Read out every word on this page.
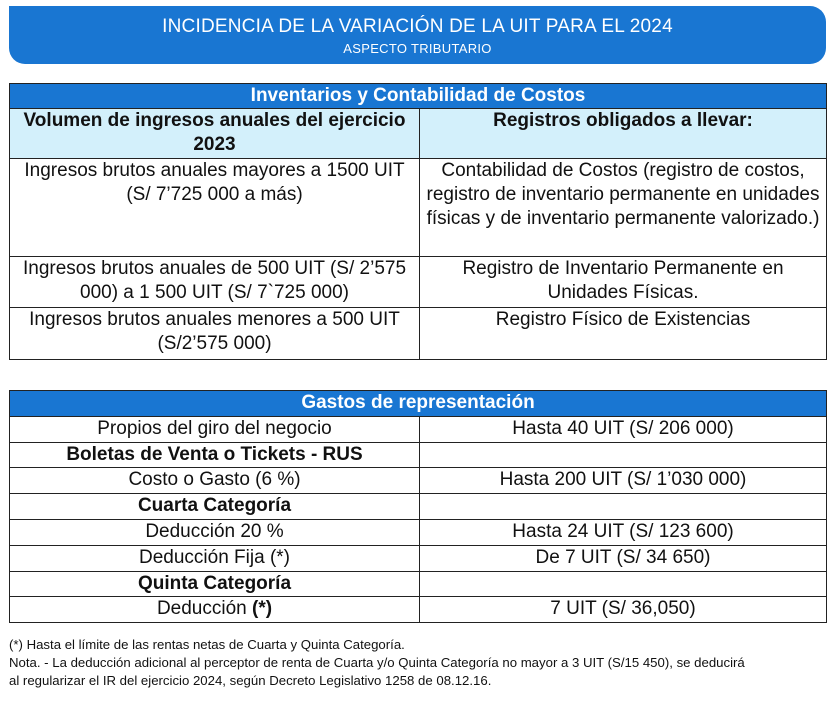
INCIDENCIA DE LA VARIACIÓN DE LA UIT PARA EL 2024
ASPECTO TRIBUTARIO
Inventarios y Contabilidad de Costos	
Volumen de ingresos anuales del ejercicio 2023	Registros obligados a llevar:
Ingresos brutos anuales mayores a 1500 UIT (S/ 7’725 000 a más)	Contabilidad de Costos (registro de costos, registro de inventario permanente en unidades físicas y de inventario permanente valorizado.)
Ingresos brutos anuales de 500 UIT (S/ 2’575 000) a 1 500 UIT (S/ 7`725 000)	Registro de Inventario Permanente en Unidades Físicas.
Ingresos brutos anuales menores a 500 UIT (S/2’575 000)	Registro Físico de Existencias
Gastos de representación	
Propios del giro del negocio	Hasta 40 UIT (S/ 206 000)
Boletas de Venta o Tickets - RUS	
Costo o Gasto (6 %)	Hasta 200 UIT (S/ 1’030 000)
Cuarta Categoría	
Deducción 20 %	Hasta 24 UIT (S/ 123 600)
Deducción Fija (*)	De 7 UIT (S/ 34 650)
Quinta Categoría	
Deducción (*)	7 UIT (S/ 36,050)
(*) Hasta el límite de las rentas netas de Cuarta y Quinta Categoría.
Nota. - La deducción adicional al perceptor de renta de Cuarta y/o Quinta Categoría no mayor a 3 UIT (S/15 450), se deducirá
al regularizar el IR del ejercicio 2024, según Decreto Legislativo 1258 de 08.12.16.
